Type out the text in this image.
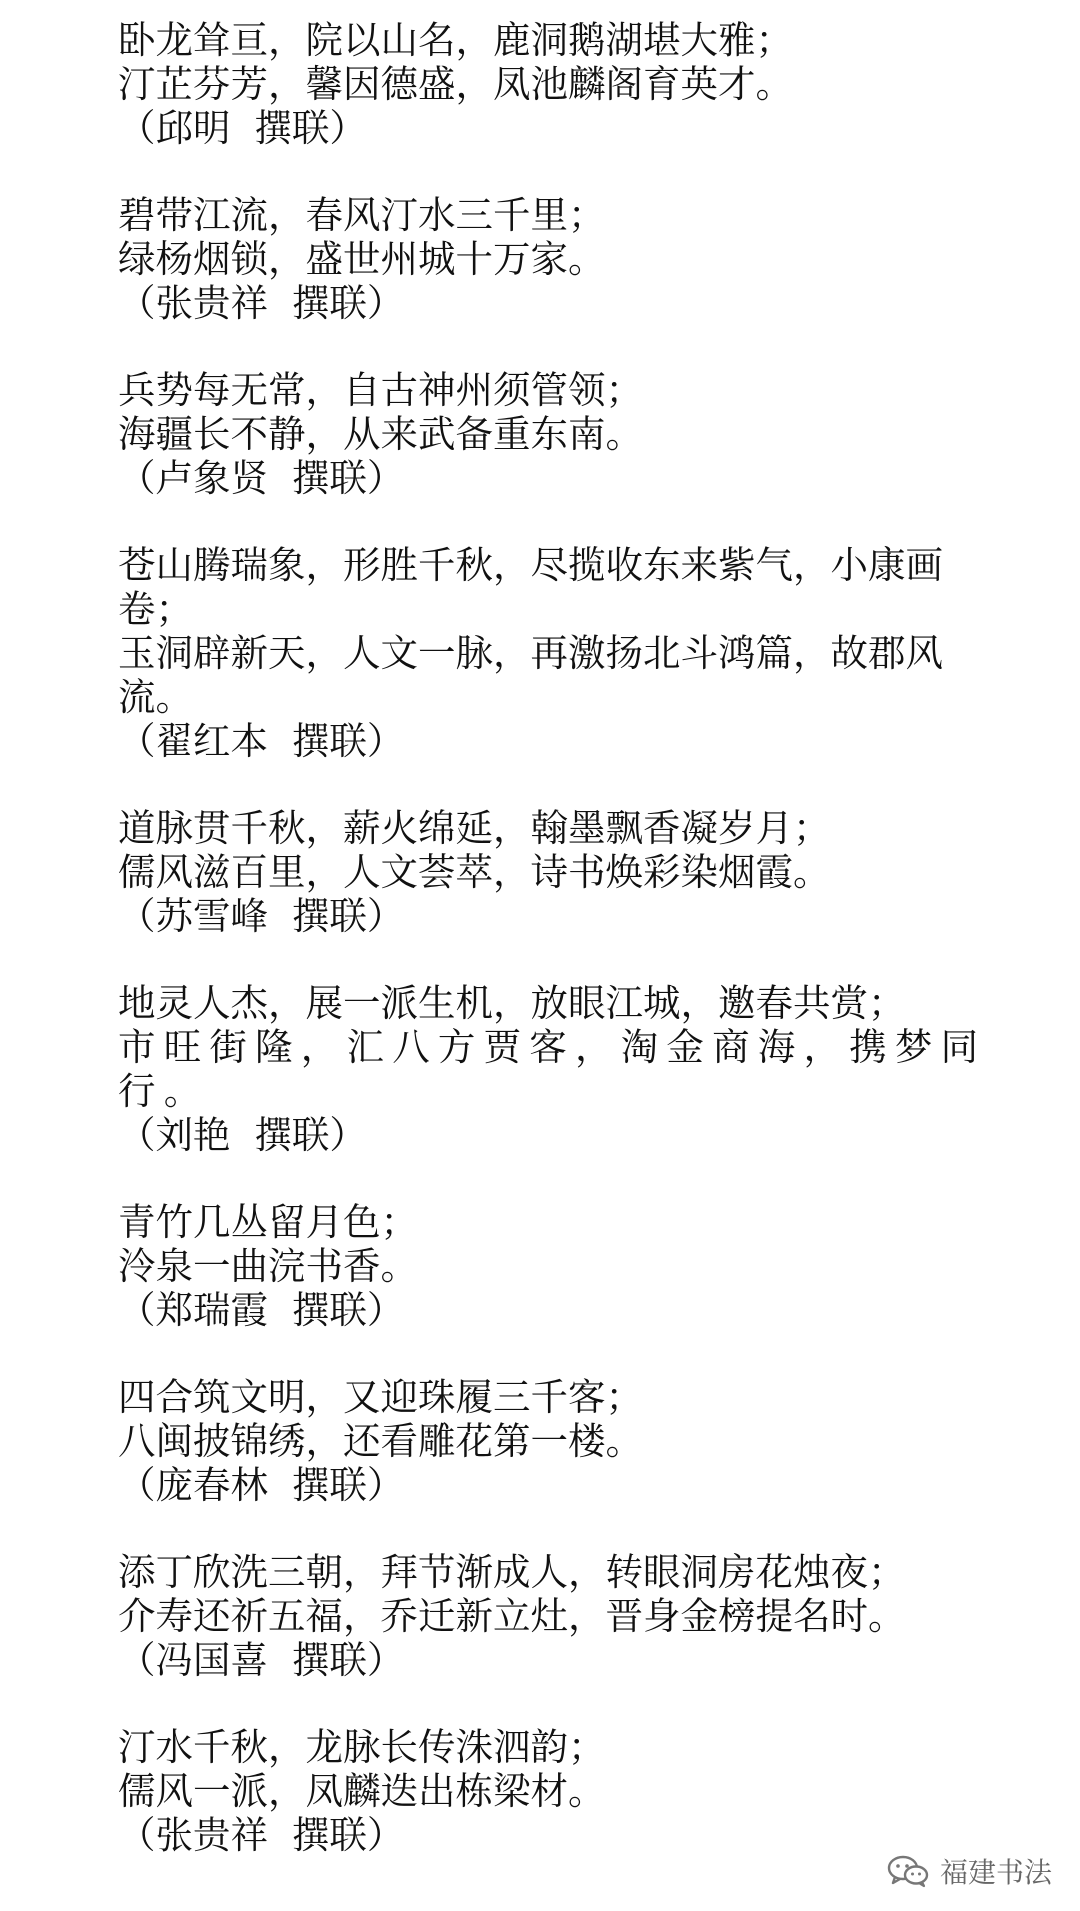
卧龙耸亘，院以山名，鹿洞鹅湖堪大雅；

汀芷芬芳，馨因德盛，凤池麟阁育英才。

（邱明  撰联）

碧带江流，春风汀水三千里；

绿杨烟锁，盛世州城十万家。

（张贵祥  撰联）

兵势每无常，自古神州须管领；

海疆长不静，从来武备重东南。

（卢象贤  撰联）

苍山腾瑞象，形胜千秋，尽揽收东来紫气，小康画卷；

玉洞辟新天，人文一脉，再激扬北斗鸿篇，故郡风流。

（翟红本  撰联）

道脉贯千秋，薪火绵延，翰墨飘香凝岁月；

儒风滋百里，人文荟萃，诗书焕彩染烟霞。

（苏雪峰  撰联）

地灵人杰，展一派生机，放眼江城，邀春共赏；

市旺街隆，汇八方贾客，淘金商海，携梦同行。

（刘艳  撰联）

青竹几丛留月色；

泠泉一曲浣书香。

（郑瑞霞  撰联）

四合筑文明，又迎珠履三千客；

八闽披锦绣，还看雕花第一楼。

（庞春林  撰联）

添丁欣洗三朝，拜节渐成人，转眼洞房花烛夜；

介寿还祈五福，乔迁新立灶，晋身金榜提名时。

（冯国喜  撰联）

汀水千秋，龙脉长传洙泗韵；

儒风一派，凤麟迭出栋梁材。

（张贵祥  撰联）

福建书法
